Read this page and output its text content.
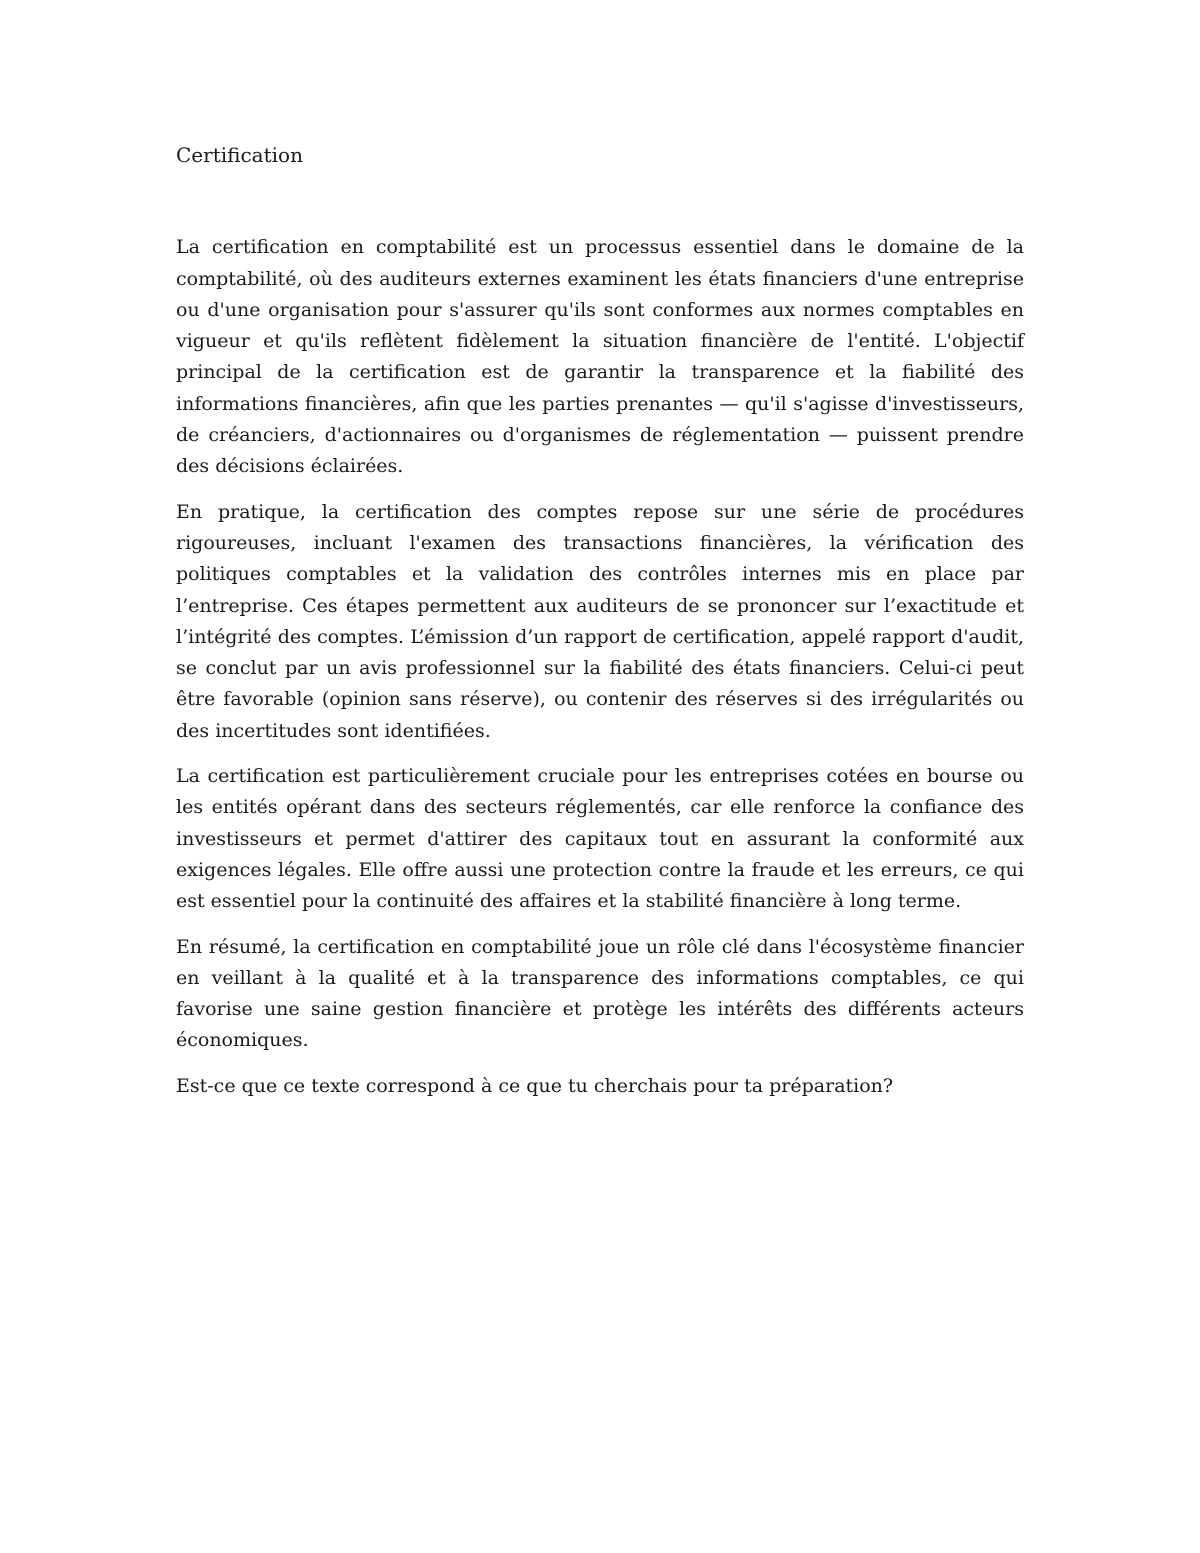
Certification

La certification en comptabilité est un processus essentiel dans le domaine de la comptabilité, où des auditeurs externes examinent les états financiers d'une entreprise ou d'une organisation pour s'assurer qu'ils sont conformes aux normes comptables en vigueur et qu'ils reflètent fidèlement la situation financière de l'entité. L'objectif principal de la certification est de garantir la transparence et la fiabilité des informations financières, afin que les parties prenantes — qu'il s'agisse d'investisseurs, de créanciers, d'actionnaires ou d'organismes de réglementation — puissent prendre des décisions éclairées.

En pratique, la certification des comptes repose sur une série de procédures rigoureuses, incluant l'examen des transactions financières, la vérification des politiques comptables et la validation des contrôles internes mis en place par l’entreprise. Ces étapes permettent aux auditeurs de se prononcer sur l’exactitude et l’intégrité des comptes. L’émission d’un rapport de certification, appelé rapport d'audit, se conclut par un avis professionnel sur la fiabilité des états financiers. Celui-ci peut être favorable (opinion sans réserve), ou contenir des réserves si des irrégularités ou des incertitudes sont identifiées.

La certification est particulièrement cruciale pour les entreprises cotées en bourse ou les entités opérant dans des secteurs réglementés, car elle renforce la confiance des investisseurs et permet d'attirer des capitaux tout en assurant la conformité aux exigences légales. Elle offre aussi une protection contre la fraude et les erreurs, ce qui est essentiel pour la continuité des affaires et la stabilité financière à long terme.

En résumé, la certification en comptabilité joue un rôle clé dans l'écosystème financier en veillant à la qualité et à la transparence des informations comptables, ce qui favorise une saine gestion financière et protège les intérêts des différents acteurs économiques.

Est-ce que ce texte correspond à ce que tu cherchais pour ta préparation?
